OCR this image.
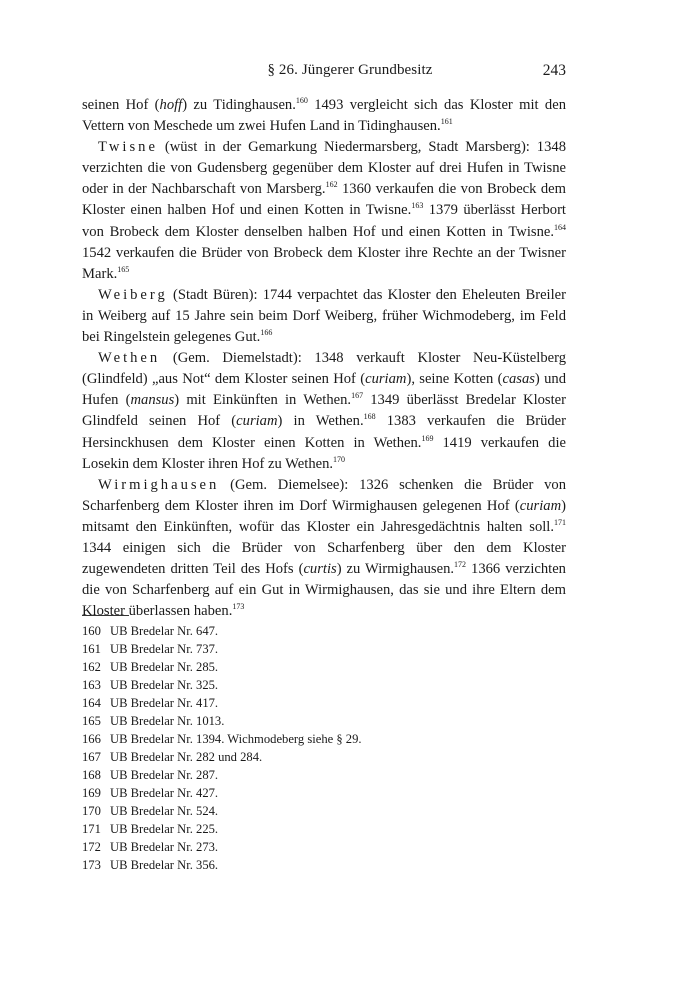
§ 26. Jüngerer Grundbesitz	243

seinen Hof (hoff) zu Tidinghausen.$^{160}$ 1493 vergleicht sich das Kloster mit den Vettern von Meschede um zwei Hufen Land in Tidinghausen.$^{161}$

Twisne (wüst in der Gemarkung Niedermarsberg, Stadt Marsberg): 1348 verzichten die von Gudensberg gegenüber dem Kloster auf drei Hufen in Twisne oder in der Nachbarschaft von Marsberg.$^{162}$ 1360 verkaufen die von Brobeck dem Kloster einen halben Hof und einen Kotten in Twisne.$^{163}$ 1379 überlässt Herbort von Brobeck dem Kloster denselben halben Hof und einen Kotten in Twisne.$^{164}$ 1542 verkaufen die Brüder von Brobeck dem Kloster ihre Rechte an der Twisner Mark.$^{165}$

Weiberg (Stadt Büren): 1744 verpachtet das Kloster den Eheleuten Breiler in Weiberg auf 15 Jahre sein beim Dorf Weiberg, früher Wichmodeberg, im Feld bei Ringelstein gelegenes Gut.$^{166}$

Wethen (Gem. Diemelstadt): 1348 verkauft Kloster Neu-Küstelberg (Glindfeld) „aus Not“ dem Kloster seinen Hof (curiam), seine Kotten (casas) und Hufen (mansus) mit Einkünften in Wethen.$^{167}$ 1349 überlässt Bredelar Kloster Glindfeld seinen Hof (curiam) in Wethen.$^{168}$ 1383 verkaufen die Brüder Hersinckhusen dem Kloster einen Kotten in Wethen.$^{169}$ 1419 verkaufen die Losekin dem Kloster ihren Hof zu Wethen.$^{170}$

Wirmighausen (Gem. Diemelsee): 1326 schenken die Brüder von Scharfenberg dem Kloster ihren im Dorf Wirmighausen gelegenen Hof (curiam) mitsamt den Einkünften, wofür das Kloster ein Jahresgedächtnis halten soll.$^{171}$ 1344 einigen sich die Brüder von Scharfenberg über den dem Kloster zugewendeten dritten Teil des Hofs (curtis) zu Wirmighausen.$^{172}$ 1366 verzichten die von Scharfenberg auf ein Gut in Wirmighausen, das sie und ihre Eltern dem Kloster überlassen haben.$^{173}$

160 UB Bredelar Nr. 647.
161 UB Bredelar Nr. 737.
162 UB Bredelar Nr. 285.
163 UB Bredelar Nr. 325.
164 UB Bredelar Nr. 417.
165 UB Bredelar Nr. 1013.
166 UB Bredelar Nr. 1394. Wichmodeberg siehe § 29.
167 UB Bredelar Nr. 282 und 284.
168 UB Bredelar Nr. 287.
169 UB Bredelar Nr. 427.
170 UB Bredelar Nr. 524.
171 UB Bredelar Nr. 225.
172 UB Bredelar Nr. 273.
173 UB Bredelar Nr. 356.
